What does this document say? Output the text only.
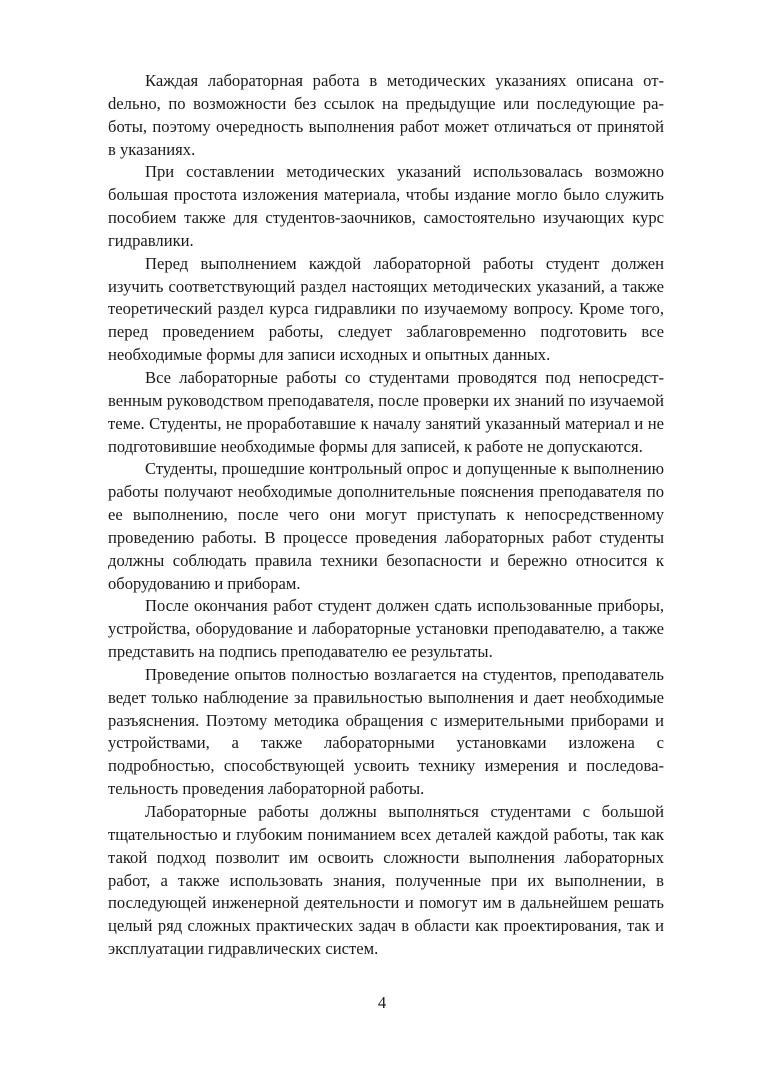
Каждая лабораторная работа в методических указаниях описана отdельно, по возможности без ссылок на предыдущие или последующие работы, поэтому очередность выполнения работ может отличаться от принятой в указаниях.

При составлении методических указаний использовалась возможно большая простота изложения материала, чтобы издание могло было служить пособием также для студентов-заочников, самостоятельно изучающих курс гидравлики.

Перед выполнением каждой лабораторной работы студент должен изучить соответствующий раздел настоящих методических указаний, а также теоретический раздел курса гидравлики по изучаемому вопросу. Кроме того, перед проведением работы, следует заблаговременно подготовить все необходимые формы для записи исходных и опытных данных.

Все лабораторные работы со студентами проводятся под непосредственным руководством преподавателя, после проверки их знаний по изучаемой теме. Студенты, не проработавшие к началу занятий указанный материал и не подготовившие необходимые формы для записей, к работе не допускаются.

Студенты, прошедшие контрольный опрос и допущенные к выполнению работы получают необходимые дополнительные пояснения преподавателя по ее выполнению, после чего они могут приступать к непосредственному проведению работы. В процессе проведения лабораторных работ студенты должны соблюдать правила техники безопасности и бережно относится к оборудованию и приборам.

После окончания работ студент должен сдать использованные приборы, устройства, оборудование и лабораторные установки преподавателю, а также представить на подпись преподавателю ее результаты.

Проведение опытов полностью возлагается на студентов, преподаватель ведет только наблюдение за правильностью выполнения и дает необходимые разъяснения. Поэтому методика обращения с измерительными приборами и устройствами, а также лабораторными установками изложена с подробностью, способствующей усвоить технику измерения и последовательность проведения лабораторной работы.

Лабораторные работы должны выполняться студентами с большой тщательностью и глубоким пониманием всех деталей каждой работы, так как такой подход позволит им освоить сложности выполнения лабораторных работ, а также использовать знания, полученные при их выполнении, в последующей инженерной деятельности и помогут им в дальнейшем решать целый ряд сложных практических задач в области как проектирования, так и эксплуатации гидравлических систем.

4
